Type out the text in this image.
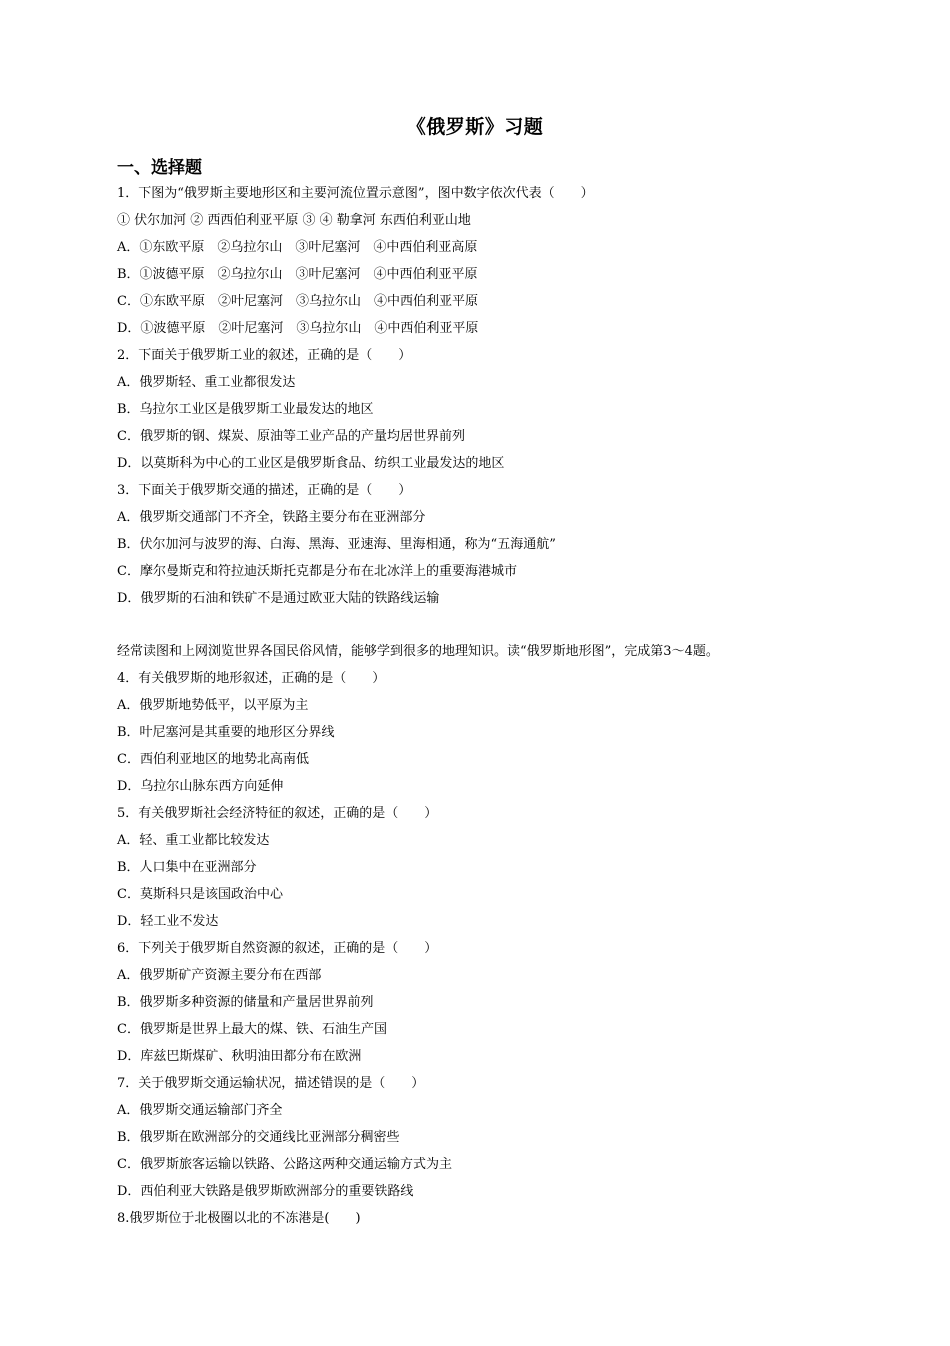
《俄罗斯》习题
一、选择题
1．下图为“俄罗斯主要地形区和主要河流位置示意图”，图中数字依次代表（　　）
① 伏尔加河 ② 西西伯利亚平原 ③ ④ 勒拿河 东西伯利亚山地
A．①东欧平原　②乌拉尔山　③叶尼塞河　④中西伯利亚高原
B．①波德平原　②乌拉尔山　③叶尼塞河　④中西伯利亚平原
C．①东欧平原　②叶尼塞河　③乌拉尔山　④中西伯利亚平原
D．①波德平原　②叶尼塞河　③乌拉尔山　④中西伯利亚平原
2．下面关于俄罗斯工业的叙述，正确的是（　　）
A．俄罗斯轻、重工业都很发达
B．乌拉尔工业区是俄罗斯工业最发达的地区
C．俄罗斯的钢、煤炭、原油等工业产品的产量均居世界前列
D．以莫斯科为中心的工业区是俄罗斯食品、纺织工业最发达的地区
3．下面关于俄罗斯交通的描述，正确的是（　　）
A．俄罗斯交通部门不齐全，铁路主要分布在亚洲部分
B．伏尔加河与波罗的海、白海、黑海、亚速海、里海相通，称为“五海通航”
C．摩尔曼斯克和符拉迪沃斯托克都是分布在北冰洋上的重要海港城市
D．俄罗斯的石油和铁矿不是通过欧亚大陆的铁路线运输
经常读图和上网浏览世界各国民俗风情，能够学到很多的地理知识。读“俄罗斯地形图”，完成第3～4题。
4．有关俄罗斯的地形叙述，正确的是（　　）
A．俄罗斯地势低平，以平原为主
B．叶尼塞河是其重要的地形区分界线
C．西伯利亚地区的地势北高南低
D．乌拉尔山脉东西方向延伸
5．有关俄罗斯社会经济特征的叙述，正确的是（　　）
A．轻、重工业都比较发达
B．人口集中在亚洲部分
C．莫斯科只是该国政治中心
D．轻工业不发达
6．下列关于俄罗斯自然资源的叙述，正确的是（　　）
A．俄罗斯矿产资源主要分布在西部
B．俄罗斯多种资源的储量和产量居世界前列
C．俄罗斯是世界上最大的煤、铁、石油生产国
D．库兹巴斯煤矿、秋明油田都分布在欧洲
7．关于俄罗斯交通运输状况，描述错误的是（　　）
A．俄罗斯交通运输部门齐全
B．俄罗斯在欧洲部分的交通线比亚洲部分稠密些
C．俄罗斯旅客运输以铁路、公路这两种交通运输方式为主
D．西伯利亚大铁路是俄罗斯欧洲部分的重要铁路线
8.俄罗斯位于北极圈以北的不冻港是(　　)
